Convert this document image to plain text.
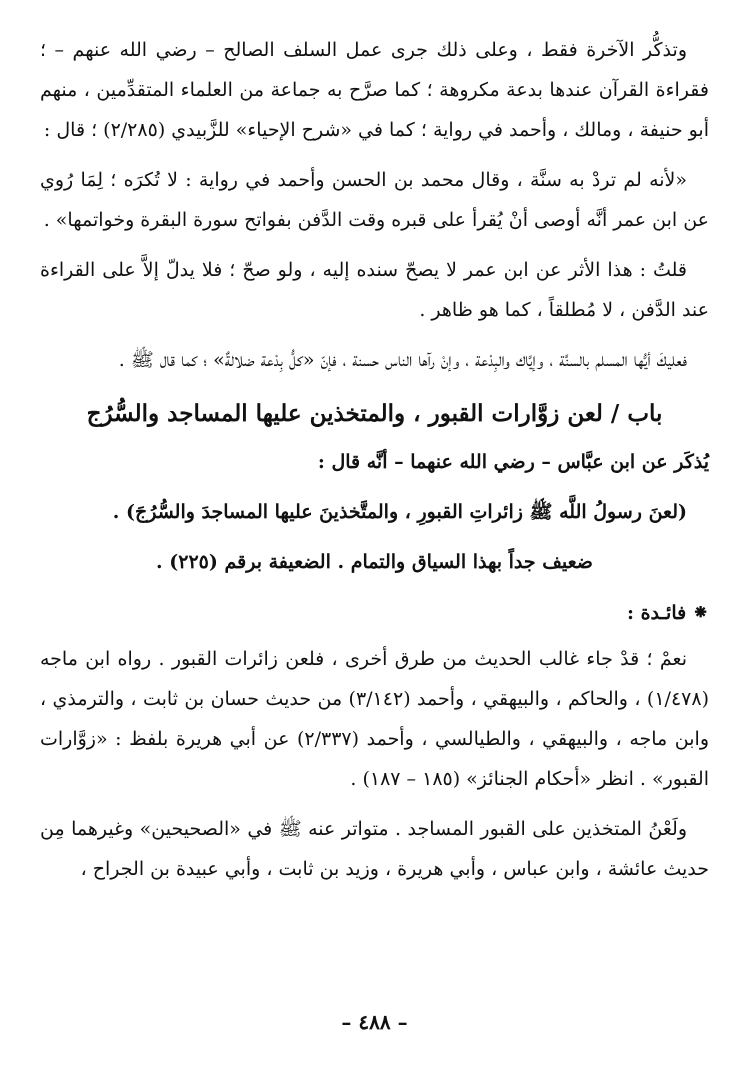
وتذكُّر الآخرة فقط ، وعلى ذلك جرى عمل السلف الصالح – رضي الله عنهم – ؛ فقراءة القرآن عندها بدعة مكروهة ؛ كما صرَّح به جماعة من العلماء المتقدِّمين ، منهم أبو حنيفة ، ومالك ، وأحمد في رواية ؛ كما في «شرح الإحياء» للزَّبيدي (٢/٢٨٥) ؛ قال :

«لأنه لم تردْ به سنَّة ، وقال محمد بن الحسن وأحمد في رواية : لا تُكرَه ؛ لِمَا رُوي عن ابن عمر أنَّه أوصى أنْ يُقرأ على قبره وقت الدَّفن بفواتح سورة البقرة وخواتمها» .

قلتُ : هذا الأثر عن ابن عمر لا يصحّ سنده إليه ، ولو صحّ ؛ فلا يدلّ إلاَّ على القراءة عند الدَّفن ، لا مُطلقاً ، كما هو ظاهر .

فعليكَ أيُّها المسلم بالسنَّة ، وإيَّاك والبِدْعة ، وإنْ رآها الناس حسنة ، فإنّ «كلُّ بِدْعة ضلالةٌ» ؛ كما قال ﷺ .

باب / لعن زوَّارات القبور ، والمتخذين عليها المساجد والسُّرُج

يُذكَر عن ابن عبَّاس – رضي الله عنهما – أنَّه قال :

(لعنَ رسولُ اللَّه ﷺ زائراتِ القبورِ ، والمتَّخذينَ عليها المساجدَ والسُّرُجَ) .

ضعيف جداً بهذا السياق والتمام . الضعيفة برقم (٢٢٥) .

⁕فائـدة :

نعمْ ؛ قدْ جاء غالب الحديث من طرق أخرى ، فلعن زائرات القبور . رواه ابن ماجه (١/٤٧٨) ، والحاكم ، والبيهقي ، وأحمد (٣/١٤٢) من حديث حسان بن ثابت ، والترمذي ، وابن ماجه ، والبيهقي ، والطيالسي ، وأحمد (٢/٣٣٧) عن أبي هريرة بلفظ : «زوَّارات القبور» . انظر «أحكام الجنائز» (١٨٥ – ١٨٧) .

ولَعْنُ المتخذين على القبور المساجد . متواتر عنه ﷺ في «الصحيحين» وغيرهما مِن حديث عائشة ، وابن عباس ، وأبي هريرة ، وزيد بن ثابت ، وأبي عبيدة بن الجراح ،

– ٤٨٨ –
